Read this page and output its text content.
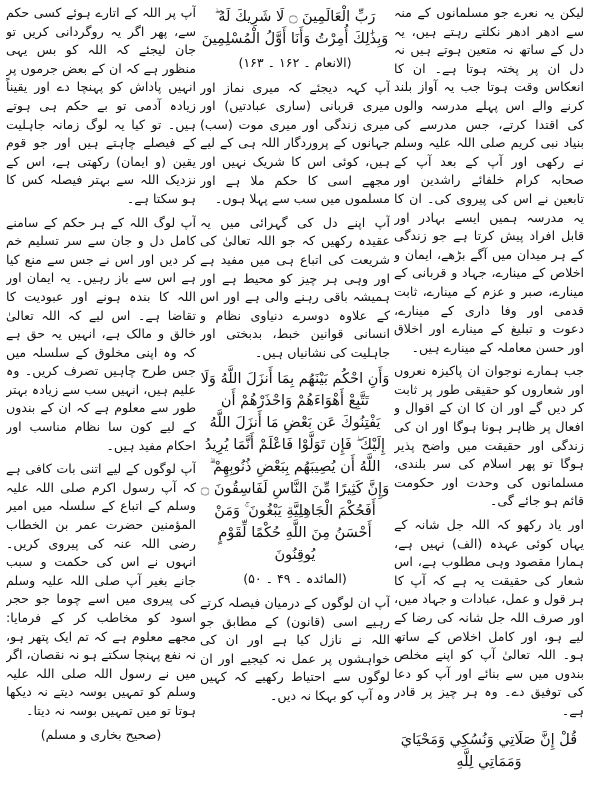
لیکن یہ نعرے جو مسلمانوں کے منہ سے ادھر ادھر نکلتے رہتے ہیں، یہ دل کے ساتھ نہ متعین ہوتے ہیں نہ دل ان پر پختہ ہوتا ہے۔ ان کا انعکاس وقت ہوتا جب یہ آواز بلند کرنے والے اس پہلے مدرسہ والوں کی اقتدا کرتے، جس مدرسے کی بنیاد نبی کریم صلی اللہ علیہ وسلم نے رکھی اور آپ کے بعد آپ کے صحابہ کرام خلفائے راشدین اور تابعین نے اس کی پیروی کی۔ ان کا یہ مدرسہ ہمیں ایسے بہادر اور قابل افراد پیش کرتا ہے جو زندگی کے ہر میدان میں آگے بڑھے، ایمان و اخلاص کے مینارے، جہاد و قربانی کے مینارے، صبر و عزم کے مینارے، ثابت قدمی اور وفا داری کے مینارے، دعوت و تبلیغ کے مینارے اور اخلاق اور حسن معاملہ کے مینارے ہیں۔

جب ہمارے نوجوان ان پاکیزہ نعروں اور شعاروں کو حقیقی طور پر ثابت کر دیں گے اور ان کا ان کے اقوال و افعال پر ظاہر ہونا ہوگا اور ان کی زندگی اور حقیقت میں واضح پذیر ہوگا تو پھر اسلام کی سر بلندی، مسلمانوں کی وحدت اور حکومت قائم ہو جائے گی۔

اور یاد رکھو کہ اللہ جل شانہ کے یہاں کوئی عہدہ (الف) نہیں ہے، ہمارا مقصود وہی مطلوب ہے، اس شعار کی حقیقت یہ ہے کہ آپ کا ہر قول و عمل، عبادات و جہاد میں، اور صرف اللہ جل شانہ کی رضا کے لیے ہو، اور کامل اخلاص کے ساتھ ہو۔ اللہ تعالیٰ آپ کو اپنے مخلص بندوں میں سے بنائے اور آپ کو دعا کی توفیق دے۔ وہ ہر چیز پر قادر ہے۔

قُلْ إِنَّ صَلَاتِي وَنُسُكِي وَمَحْيَايَ وَمَمَاتِي لِلَّهِ
رَبِّ الْعَالَمِينَ ۝ لَا شَرِيكَ لَهُ ۖ وَبِذَٰلِكَ أُمِرْتُ وَأَنَا أَوَّلُ الْمُسْلِمِينَ
(الانعام ۔ ۱۶۲ ۔ ۱۶۳)

آپ کہہ دیجئے کہ میری نماز اور میری قربانی (ساری عبادتیں) اور میری زندگی اور میری موت (سب) جہانوں کے پروردگار اللہ ہی کے لیے ہیں، کوئی اس کا شریک نہیں اور مجھے اسی کا حکم ملا ہے اور مسلموں میں سب سے پہلا ہوں۔

آپ اپنے دل کی گہرائی میں یہ عقیدہ رکھیں کہ جو اللہ تعالیٰ کی شریعت کی اتباع ہی میں مفید ہے اور وہی ہر چیز کو محیط ہے اور ہمیشہ باقی رہنے والی ہے اور اس کے علاوہ دوسرے دنیاوی نظام و انسانی قوانین خبط، بدبختی اور جاہلیت کی نشانیاں ہیں۔

وَأَنِ احْكُم بَيْنَهُم بِمَا أَنزَلَ اللَّهُ وَلَا تَتَّبِعْ أَهْوَاءَهُمْ وَاحْذَرْهُمْ أَن يَفْتِنُوكَ عَن بَعْضِ مَا أَنزَلَ اللَّهُ إِلَيْكَ ۖ فَإِن تَوَلَّوْا فَاعْلَمْ أَنَّمَا يُرِيدُ اللَّهُ أَن يُصِيبَهُم بِبَعْضِ ذُنُوبِهِمْ ۗ وَإِنَّ كَثِيرًا مِّنَ النَّاسِ لَفَاسِقُونَ ۝ أَفَحُكْمَ الْجَاهِلِيَّةِ يَبْغُونَ ۚ وَمَنْ أَحْسَنُ مِنَ اللَّهِ حُكْمًا لِّقَوْمٍ يُوقِنُونَ
(المائدہ ۔ ۴۹ ۔ ۵۰)

آپ ان لوگوں کے درمیان فیصلہ کرتے رہیے اسی (قانون) کے مطابق جو اللہ نے نازل کیا ہے اور ان کی خواہشوں پر عمل نہ کیجیے اور ان لوگوں سے احتیاط رکھیے کہ کہیں وہ آپ کو بہکا نہ دیں۔

آپ پر اللہ کے اتارے ہوئے کسی حکم سے، پھر اگر یہ روگردانی کریں تو جان لیجئے کہ اللہ کو بس یہی منظور ہے کہ ان کے بعض جرموں پر انہیں پاداش کو پہنچا دے اور یقیناً زیادہ آدمی تو بے حکم ہی ہوتے ہیں۔ تو کیا یہ لوگ زمانہ جاہلیت کے فیصلے چاہتے ہیں اور جو قوم یقین (و ایمان) رکھتی ہے، اس کے نزدیک اللہ سے بہتر فیصلہ کس کا ہو سکتا ہے۔

آپ لوگ اللہ کے ہر حکم کے سامنے کامل دل و جان سے سر تسلیم خم کر دیں اور اس نے جس سے منع کیا ہے اس سے باز رہیں۔ یہ ایمان اور اللہ کا بندہ ہونے اور عبودیت کا تقاضا ہے۔ اس لیے کہ اللہ تعالیٰ خالق و مالک ہے، انہیں یہ حق ہے کہ وہ اپنی مخلوق کے سلسلہ میں جس طرح چاہیں تصرف کریں۔ وہ علیم ہیں، انہیں سب سے زیادہ بہتر طور سے معلوم ہے کہ ان کے بندوں کے لیے کون سا نظام مناسب اور احکام مفید ہیں۔

آپ لوگوں کے لیے اتنی بات کافی ہے کہ آپ رسول اکرم صلی اللہ علیہ وسلم کے اتباع کے سلسلہ میں امیر المؤمنین حضرت عمر بن الخطاب رضی اللہ عنہ کی پیروی کریں۔ انہوں نے اس کی حکمت و سبب جانے بغیر آپ صلی اللہ علیہ وسلم کی پیروی میں اسے چوما جو حجر اسود کو مخاطب کر کے فرمایا: مجھے معلوم ہے کہ تم ایک پتھر ہو، نہ نفع پہنچا سکتے ہو نہ نقصان، اگر میں نے رسول اللہ صلی اللہ علیہ وسلم کو تمہیں بوسہ دیتے نہ دیکھا ہوتا تو میں تمہیں بوسہ نہ دیتا۔

(صحیح بخاری و مسلم)
